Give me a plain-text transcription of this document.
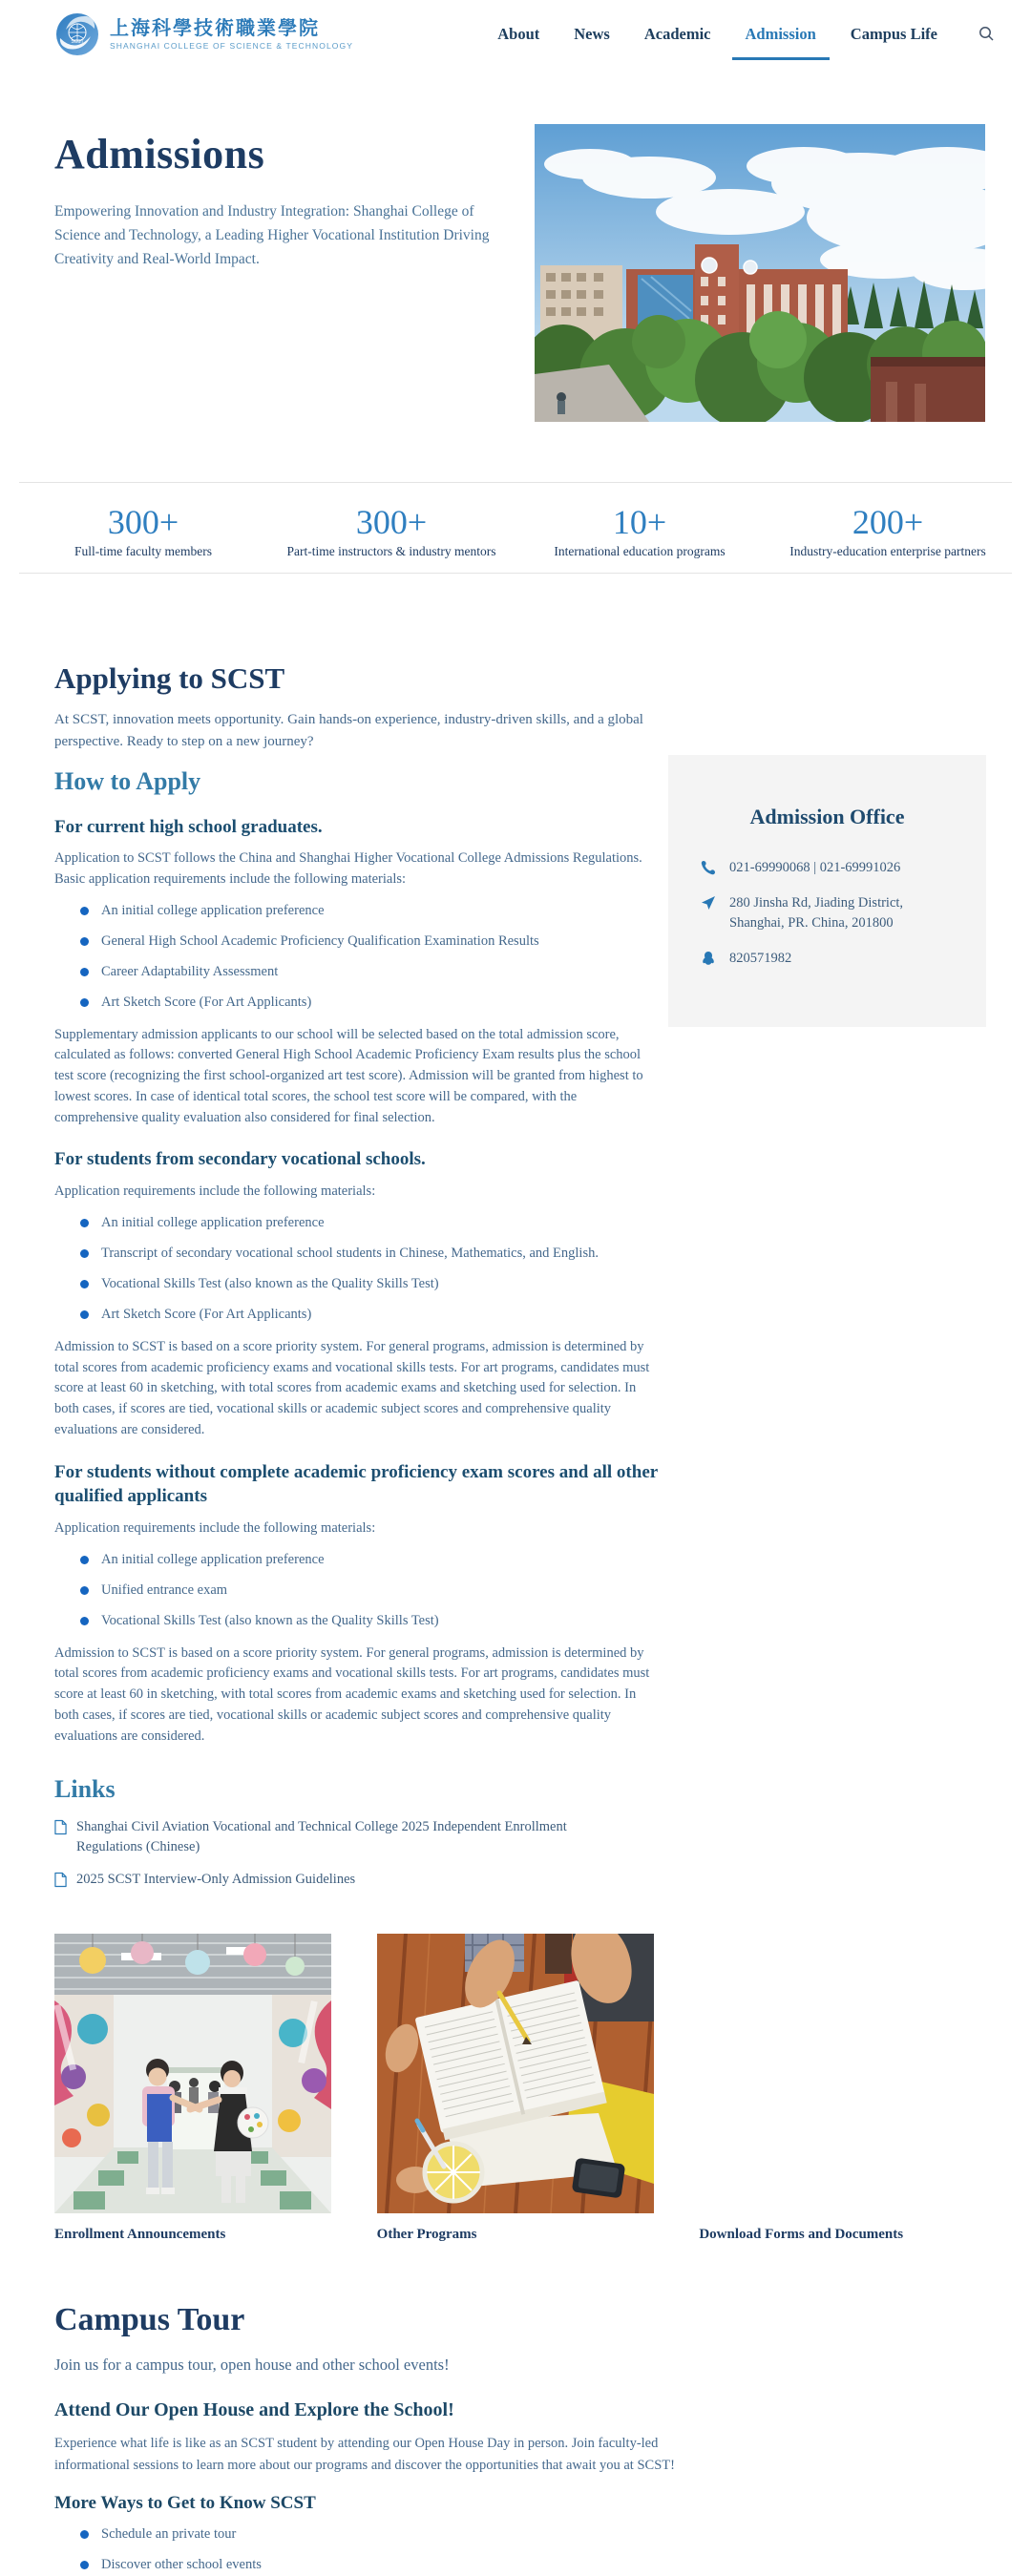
SCST
上海科學技術職業學院
SHANGHAI COLLEGE OF SCIENCE & TECHNOLOGY
About News Academic Admission Campus Life
Admissions

Empowering Innovation and Industry Integration: Shanghai College of Science and Technology, a Leading Higher Vocational Institution Driving Creativity and Real-World Impact.

300+
Full-time faculty members
300+
Part-time instructors & industry mentors
10+
International education programs
200+
Industry-education enterprise partners
Applying to SCST

At SCST, innovation meets opportunity. Gain hands-on experience, industry-driven skills, and a global perspective. Ready to step on a new journey?

How to Apply
For current high school graduates.

Application to SCST follows the China and Shanghai Higher Vocational College Admissions Regulations. Basic application requirements include the following materials:

An initial college application preference
General High School Academic Proficiency Qualification Examination Results
Career Adaptability Assessment
Art Sketch Score (For Art Applicants)

Supplementary admission applicants to our school will be selected based on the total admission score, calculated as follows: converted General High School Academic Proficiency Exam results plus the school test score (recognizing the first school-organized art test score). Admission will be granted from highest to lowest scores. In case of identical total scores, the school test score will be compared, with the comprehensive quality evaluation also considered for final selection.

For students from secondary vocational schools.

Application requirements include the following materials:

An initial college application preference
Transcript of secondary vocational school students in Chinese, Mathematics, and English.
Vocational Skills Test (also known as the Quality Skills Test)
Art Sketch Score (For Art Applicants)

Admission to SCST is based on a score priority system. For general programs, admission is determined by total scores from academic proficiency exams and vocational skills tests. For art programs, candidates must score at least 60 in sketching, with total scores from academic exams and sketching used for selection. In both cases, if scores are tied, vocational skills or academic subject scores and comprehensive quality evaluations are considered.

For students without complete academic proficiency exam scores and all other qualified applicants

Application requirements include the following materials:

An initial college application preference
Unified entrance exam
Vocational Skills Test (also known as the Quality Skills Test)

Admission to SCST is based on a score priority system. For general programs, admission is determined by total scores from academic proficiency exams and vocational skills tests. For art programs, candidates must score at least 60 in sketching, with total scores from academic exams and sketching used for selection. In both cases, if scores are tied, vocational skills or academic subject scores and comprehensive quality evaluations are considered.

Links
Shanghai Civil Aviation Vocational and Technical College 2025 Independent Enrollment Regulations (Chinese)
2025 SCST Interview-Only Admission Guidelines
Admission Office
021-69990068 | 021-69991026
280 Jinsha Rd, Jiading District, Shanghai, PR. China, 201800
820571982
Enrollment Announcements	Other Programs	Download Forms and Documents
Campus Tour

Join us for a campus tour, open house and other school events!

Attend Our Open House and Explore the School!

Experience what life is like as an SCST student by attending our Open House Day in person. Join faculty-led informational sessions to learn more about our programs and discover the opportunities that await you at SCST!

More Ways to Get to Know SCST
Schedule an private tour
Discover other school events
